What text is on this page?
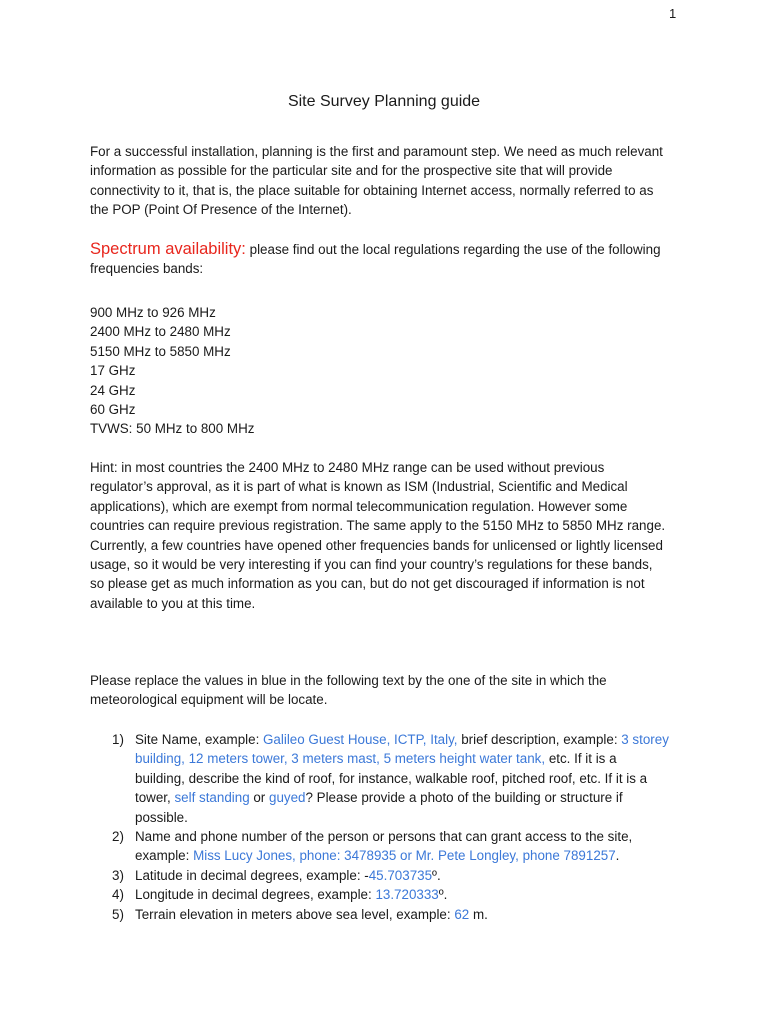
1
Site Survey Planning guide

For a successful installation, planning is the first and paramount step. We need as much relevant information as possible for the particular site and for the prospective site that will provide connectivity to it, that is, the place suitable for obtaining Internet access, normally referred to as the POP (Point Of Presence of the Internet).

Spectrum availability: please find out the local regulations regarding the use of the following frequencies bands:

900 MHz to 926 MHz
2400 MHz to 2480 MHz
5150 MHz to 5850 MHz
17 GHz
24 GHz
60 GHz
TVWS: 50 MHz to 800 MHz

Hint: in most countries the 2400 MHz to 2480 MHz range can be used without previous regulator’s approval, as it is part of what is known as ISM (Industrial, Scientific and Medical applications), which are exempt from normal telecommunication regulation. However some countries can require previous registration. The same apply to the 5150 MHz to 5850 MHz range.

Currently, a few countries have opened other frequencies bands for unlicensed or lightly licensed usage, so it would be very interesting if you can find your country’s regulations for these bands, so please get as much information as you can, but do not get discouraged if information is not available to you at this time.

Please replace the values in blue in the following text by the one of the site in which the meteorological equipment will be locate.

1) Site Name, example: Galileo Guest House, ICTP, Italy, brief description, example: 3 storey building, 12 meters tower, 3 meters mast, 5 meters height water tank, etc. If it is a building, describe the kind of roof, for instance, walkable roof, pitched roof, etc. If it is a tower, self standing or guyed? Please provide a photo of the building or structure if possible.
2) Name and phone number of the person or persons that can grant access to the site, example: Miss Lucy Jones, phone: 3478935 or Mr. Pete Longley, phone 7891257.
3) Latitude in decimal degrees, example: -45.703735º.
4) Longitude in decimal degrees, example: 13.720333º.
5) Terrain elevation in meters above sea level, example: 62 m.
